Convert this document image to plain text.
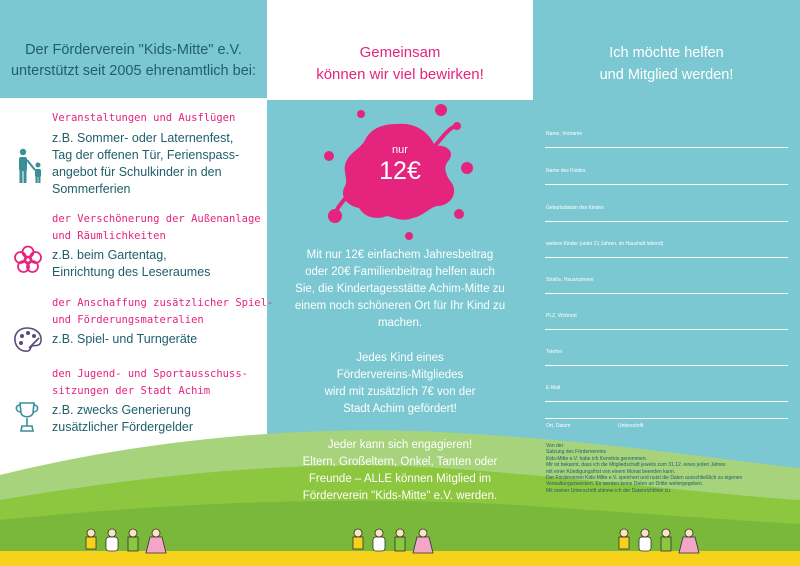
Der Förderverein "Kids-Mitte" e.V.
unterstützt seit 2005 ehrenamtlich bei:
Gemeinsam
können wir viel bewirken!
Ich möchte helfen
und Mitglied werden!
Veranstaltungen und Ausflügen
z.B. Sommer- oder Laternenfest,
Tag der offenen Tür, Ferienspass-
angebot für Schulkinder in den
Sommerferien
der Verschönerung der Außenanlage
und Räumlichkeiten
z.B. beim Gartentag,
Einrichtung des Leseraumes
der Anschaffung zusätzlicher Spiel-
und Förderungsmateralien
z.B. Spiel- und Turngeräte
den Jugend- und Sportausschuss-
sitzungen der Stadt Achim
z.B. zwecks Generierung
zusätzlicher Fördergelder
nur
12€
Mit nur 12€ einfachem Jahresbeitrag
oder 20€ Familienbeitrag helfen auch
Sie, die Kindertagesstätte Achim-Mitte zu
einem noch schöneren Ort für Ihr Kind zu
machen.
Jedes Kind eines
Fördervereins-Mitgliedes
wird mit zusätzlich 7€ von der
Stadt Achim gefördert!
Jeder kann sich engagieren!
Eltern, Großeltern, Onkel, Tanten oder
Freunde – ALLE können Mitglied im
Förderverein "Kids-Mitte" e.V. werden.
Name, Vorname
Name des Kindes
Geburtsdatum des Kindes
weitere Kinder (unter 21 Jahren, im Haushalt lebend)
Straße, Hausnummer
PLZ, Wohnort
Telefon
E-Mail
Ort, Datum	Unterschrift
Von der
Satzung des Fördervereins
Kids-Mitte e.V. habe ich Kenntnis genommen.
Mir ist bekannt, dass ich die Mitgliedschaft jeweils zum 31.12. eines jeden Jahres
mit einer Kündigungsfrist von einem Monat beenden kann.
Der Förderverein Kids-Mitte e.V. speichert und nutzt die Daten ausschließlich zu eigenen
Verwaltungszwecken. Es werden keine Daten an Dritte weitergegeben.
Mit meiner Unterschrift stimme ich der Datenrichtlinie zu.
